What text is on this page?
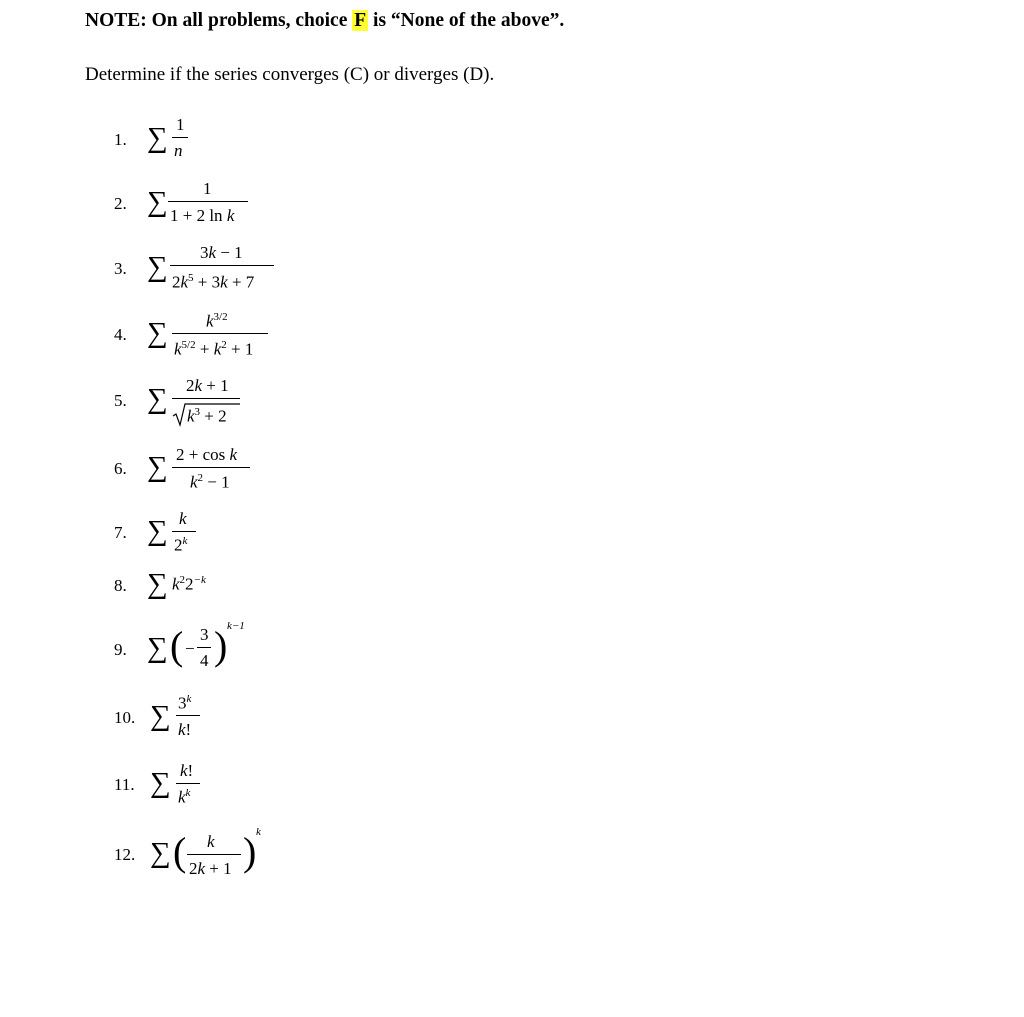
NOTE: On all problems, choice F is “None of the above”.
Determine if the series converges (C) or diverges (D).
1. ∑ 1
n
2. ∑ 1
1 + 2 ln k
3. ∑ 3k − 1
$2k^5 + 3k + 7$
4. ∑ $k^{3/2}$
$k^{5/2} + k^2 + 1$
5. ∑ 2k + 1
$k^3 + 2$
6. ∑ 2 + cos k
$k^2 - 1$
7. ∑ k
2$^k$
8. ∑ $k^22^{-k}$
9. ∑ ( −
3
4 ) k−1
10. ∑ 3$^k$
k!
11. ∑ k!
$k^k$
12. ∑ ( k
2k + 1 ) k
